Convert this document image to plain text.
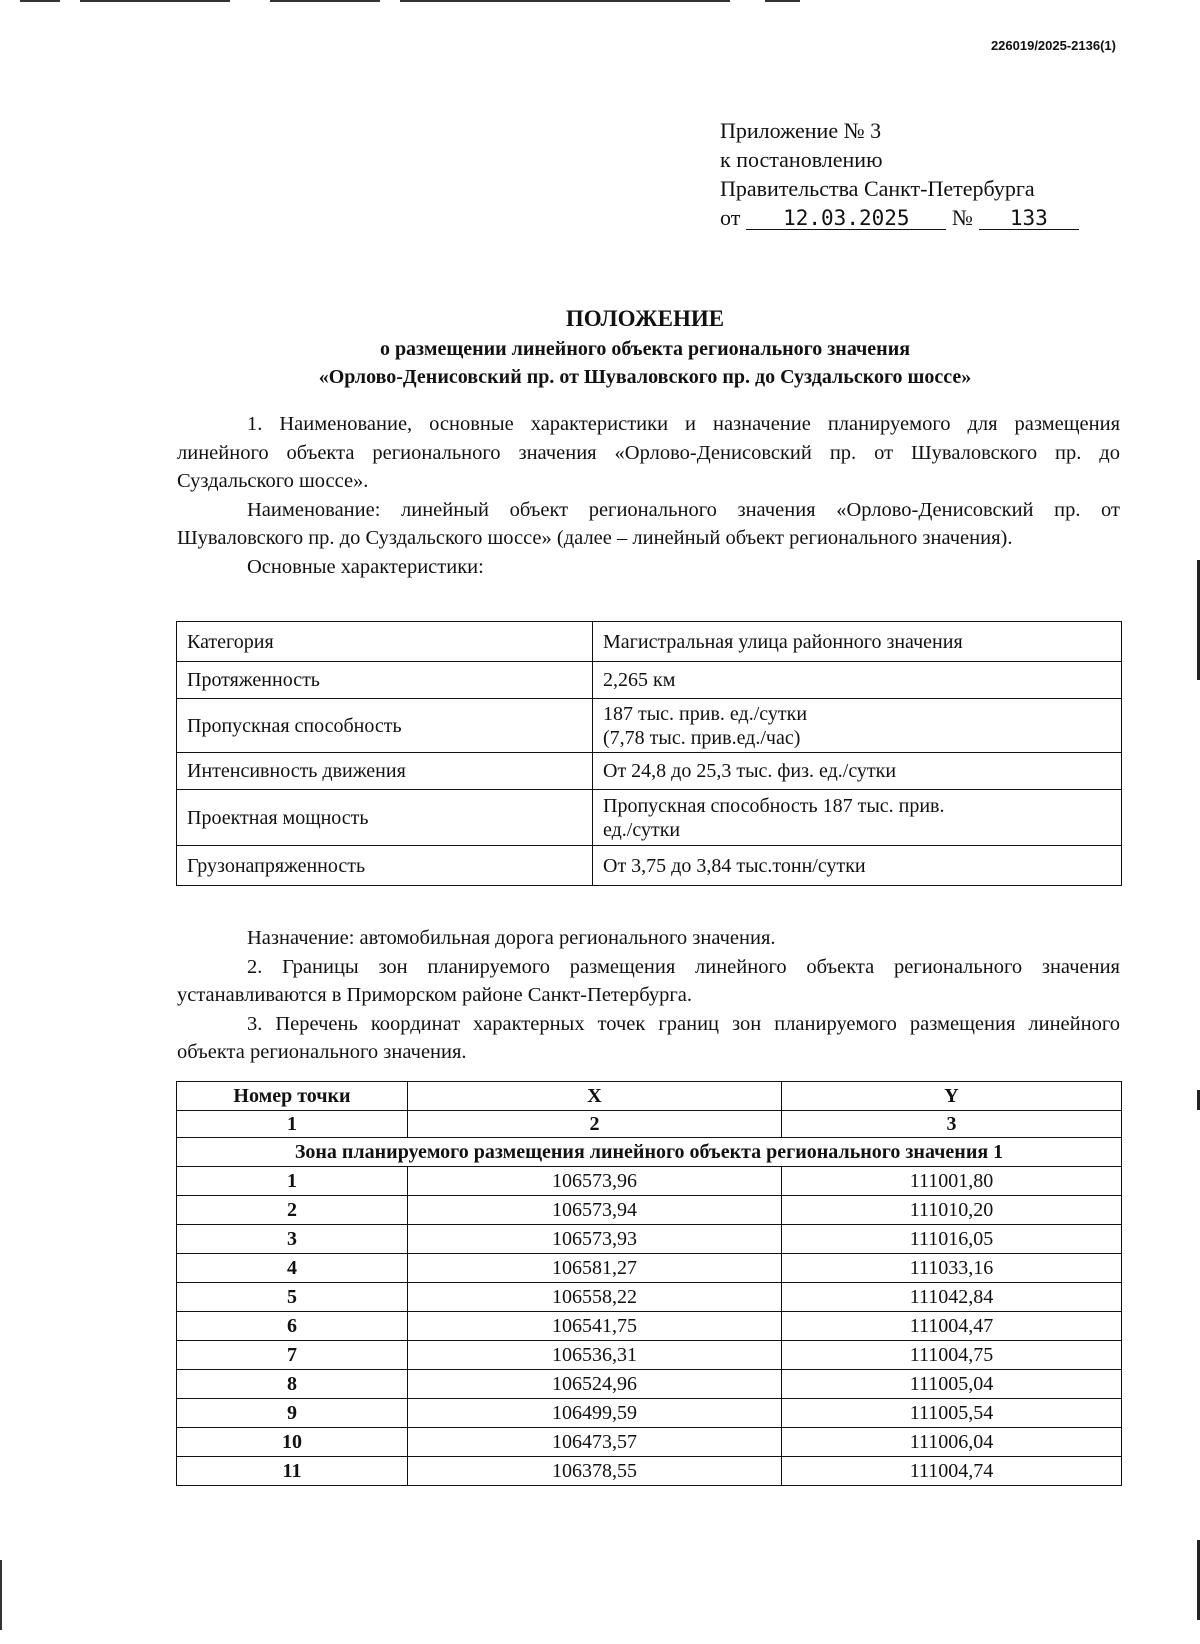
226019/2025-2136(1)
Приложение № 3
к постановлению
Правительства Санкт-Петербурга
от 12.03.2025 № 133
ПОЛОЖЕНИЕ
о размещении линейного объекта регионального значения
«Орлово-Денисовский пр. от Шуваловского пр. до Суздальского шоссе»

1. Наименование, основные характеристики и назначение планируемого для размещения линейного объекта регионального значения «Орлово-Денисовский пр. от Шуваловского пр. до Суздальского шоссе».

Наименование: линейный объект регионального значения «Орлово-Денисовский пр. от Шуваловского пр. до Суздальского шоссе» (далее – линейный объект регионального значения).

Основные характеристики:

Категория	Магистральная улица районного значения
Протяженность	2,265 км
Пропускная способность	187 тыс. прив. ед./сутки
(7,78 тыс. прив.ед./час)

Интенсивность движения	От 24,8 до 25,3 тыс. физ. ед./сутки
Проектная мощность	Пропускная способность 187 тыс. прив.
ед./сутки

Грузонапряженность	От 3,75 до 3,84 тыс.тонн/сутки

Назначение: автомобильная дорога регионального значения.

2. Границы зон планируемого размещения линейного объекта регионального значения устанавливаются в Приморском районе Санкт-Петербурга.

3. Перечень координат характерных точек границ зон планируемого размещения линейного объекта регионального значения.

Номер точки	X	Y
1	2	3
Зона планируемого размещения линейного объекта регионального значения 1		
1	106573,96	111001,80
2	106573,94	111010,20
3	106573,93	111016,05
4	106581,27	111033,16
5	106558,22	111042,84
6	106541,75	111004,47
7	106536,31	111004,75
8	106524,96	111005,04
9	106499,59	111005,54
10	106473,57	111006,04
11	106378,55	111004,74
